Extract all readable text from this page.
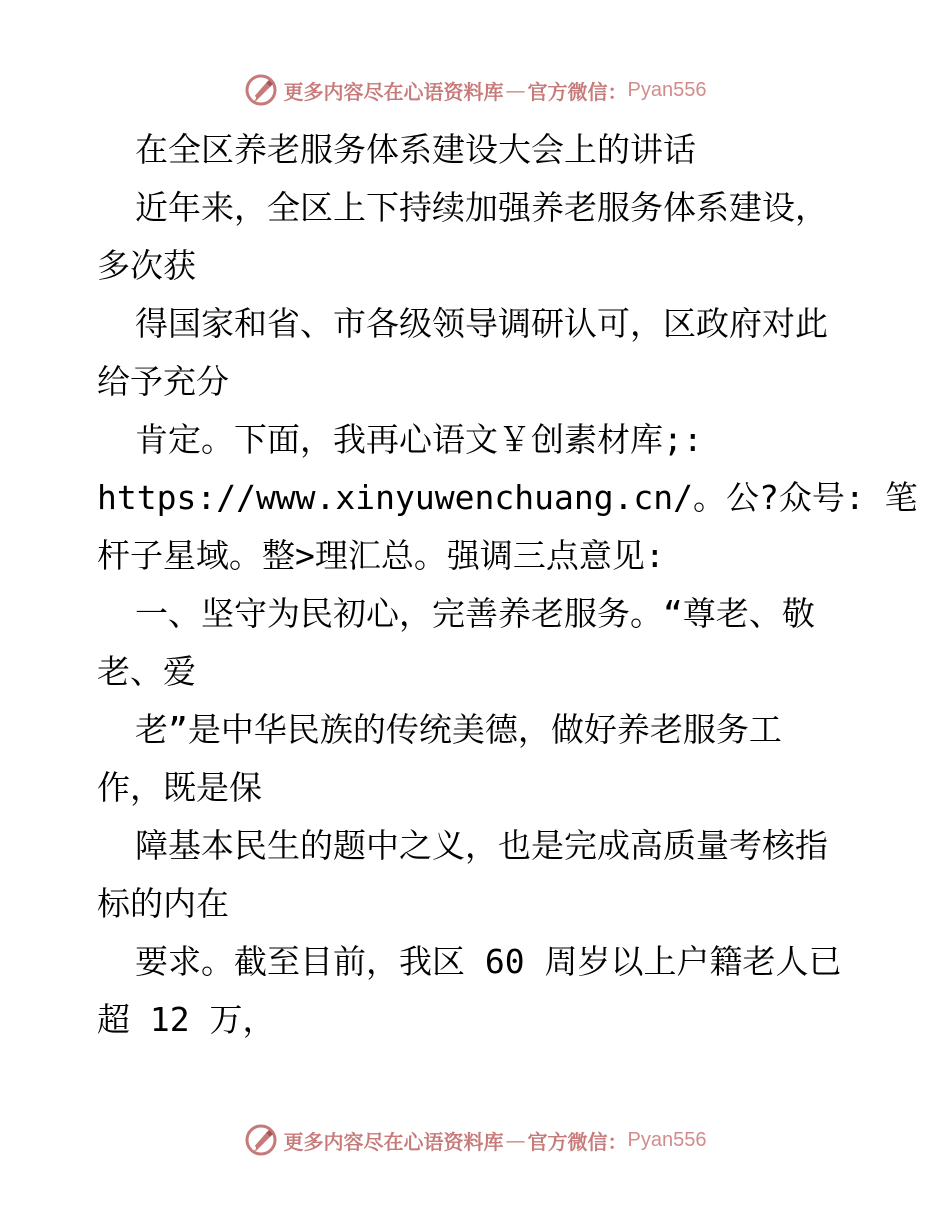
更多内容尽在心语资料库 — 官方微信： Pyan556
在全区养老服务体系建设大会上的讲话
近年来，全区上下持续加强养老服务体系建设，
多次获
得国家和省、市各级领导调研认可，区政府对此
给予充分
肯定。下面，我再心语文￥创素材库;:
https://www.xinyuwenchuang.cn/。公?众号: 笔
杆子星域。整>理汇总。强调三点意见:
一、坚守为民初心，完善养老服务。“尊老、敬
老、爱
老”是中华民族的传统美德，做好养老服务工
作，既是保
障基本民生的题中之义，也是完成高质量考核指
标的内在
要求。截至目前，我区 60 周岁以上户籍老人已
超 12 万，
更多内容尽在心语资料库 — 官方微信： Pyan556
